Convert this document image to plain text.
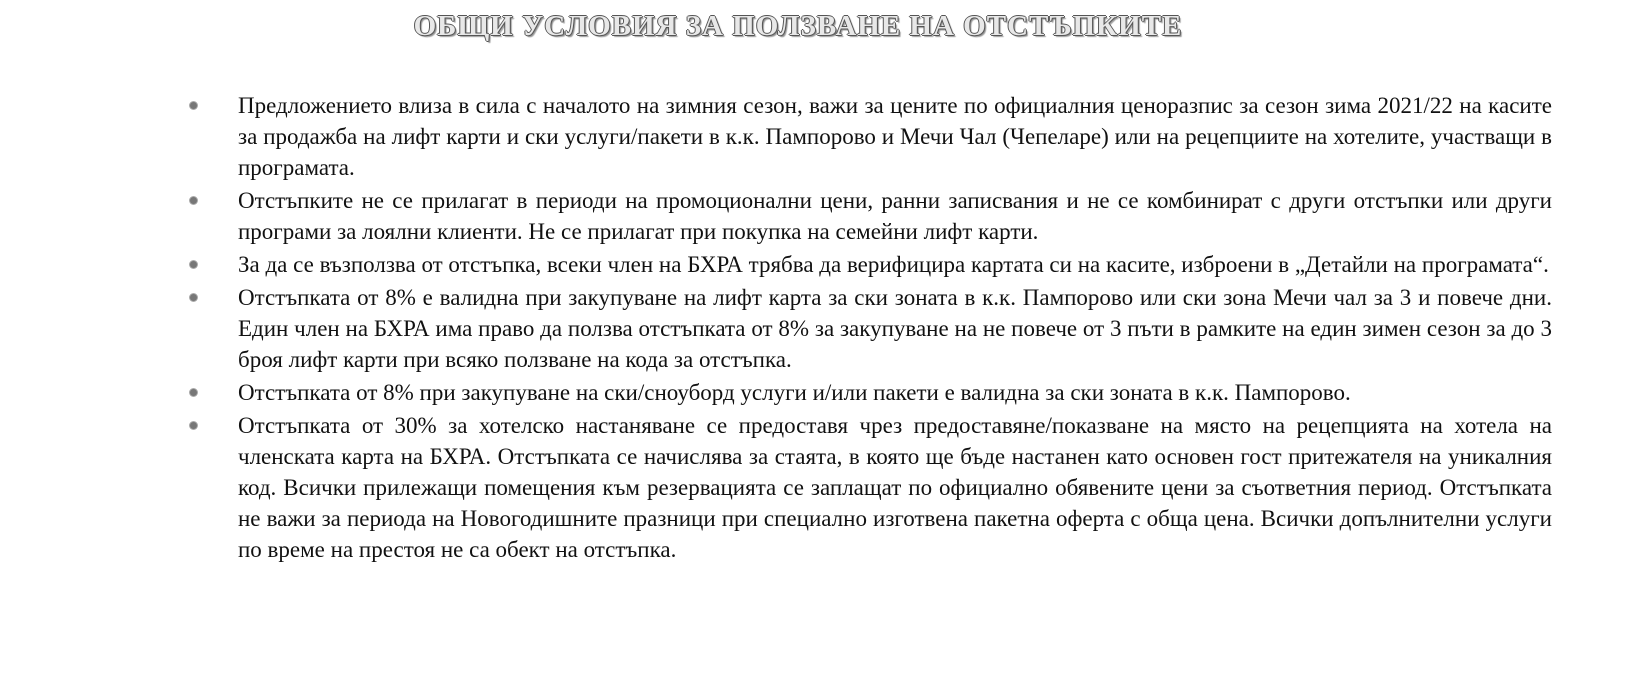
ОБЩИ УСЛОВИЯ ЗА ПОЛЗВАНЕ НА ОТСТЪПКИТЕ
Предложението влиза в сила с началото на зимния сезон, важи за цените по официалния ценоразпис за сезон зима 2021/22 на касите за продажба на лифт карти и ски услуги/пакети в к.к. Пампорово и Мечи Чал (Чепеларе) или на рецепциите на хотелите, участващи в програмата.
Отстъпките не се прилагат в периоди на промоционални цени, ранни записвания и не се комбинират с други отстъпки или други програми за лоялни клиенти. Не се прилагат при покупка на семейни лифт карти.
За да се възползва от отстъпка, всеки член на БХРА трябва да верифицира картата си на касите, изброени в „Детайли на програмата“.
Отстъпката от 8% е валидна при закупуване на лифт карта за ски зоната в к.к. Пампорово или ски зона Мечи чал за 3 и повече дни. Един член на БХРА има право да ползва отстъпката от 8% за закупуване на не повече от 3 пъти в рамките на един зимен сезон за до 3 броя лифт карти при всяко ползване на кода за отстъпка.
Отстъпката от 8% при закупуване на ски/сноуборд услуги и/или пакети е валидна за ски зоната в к.к. Пампорово.
Отстъпката от 30% за хотелско настаняване се предоставя чрез предоставяне/показване на място на рецепцията на хотела на членската карта на БХРА. Отстъпката се начислява за стаята, в която ще бъде настанен като основен гост притежателя на уникалния код. Всички прилежащи помещения към резервацията се заплащат по официално обявените цени за съответния период. Отстъпката не важи за периода на Новогодишните празници при специално изготвена пакетна оферта с обща цена. Всички допълнителни услуги по време на престоя не са обект на отстъпка.
